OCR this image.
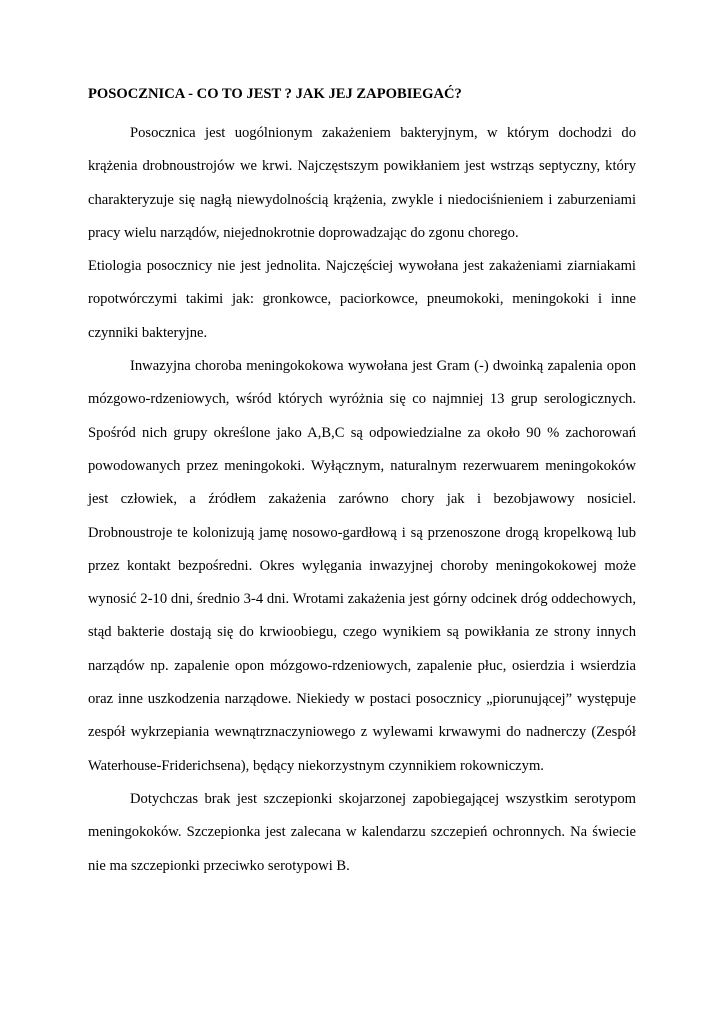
POSOCZNICA - CO TO JEST ? JAK JEJ ZAPOBIEGAĆ?

Posocznica jest uogólnionym zakażeniem bakteryjnym, w którym dochodzi do krążenia drobnoustrojów we krwi. Najczęstszym powikłaniem jest wstrząs septyczny, który charakteryzuje się nagłą niewydolnością krążenia, zwykle i niedociśnieniem i zaburzeniami pracy wielu narządów, niejednokrotnie doprowadzając do zgonu chorego.

Etiologia posocznicy nie jest jednolita. Najczęściej wywołana jest zakażeniami ziarniakami ropotwórczymi takimi jak: gronkowce, paciorkowce, pneumokoki, meningokoki i inne czynniki bakteryjne.

Inwazyjna choroba meningokokowa wywołana jest Gram (-) dwoinką zapalenia opon mózgowo-rdzeniowych, wśród których wyróżnia się co najmniej 13 grup serologicznych. Spośród nich grupy określone jako A,B,C są odpowiedzialne za około 90 % zachorowań powodowanych przez meningokoki. Wyłącznym, naturalnym rezerwuarem meningokoków jest człowiek, a źródłem zakażenia zarówno chory jak i bezobjawowy nosiciel. Drobnoustroje te kolonizują jamę nosowo-gardłową i są przenoszone drogą kropelkową lub przez kontakt bezpośredni. Okres wylęgania inwazyjnej choroby meningokokowej może wynosić 2-10 dni, średnio 3-4 dni. Wrotami zakażenia jest górny odcinek dróg oddechowych, stąd bakterie dostają się do krwioobiegu, czego wynikiem są powikłania ze strony innych narządów np. zapalenie opon mózgowo-rdzeniowych, zapalenie płuc, osierdzia i wsierdzia oraz inne uszkodzenia narządowe. Niekiedy w postaci posocznicy „piorunującej” występuje zespół wykrzepiania wewnątrznaczyniowego z wylewami krwawymi do nadnerczy (Zespół Waterhouse-Friderichsena), będący niekorzystnym czynnikiem rokowniczym.

Dotychczas brak jest szczepionki skojarzonej zapobiegającej wszystkim serotypom meningokoków. Szczepionka jest zalecana w kalendarzu szczepień ochronnych. Na świecie nie ma szczepionki przeciwko serotypowi B.
